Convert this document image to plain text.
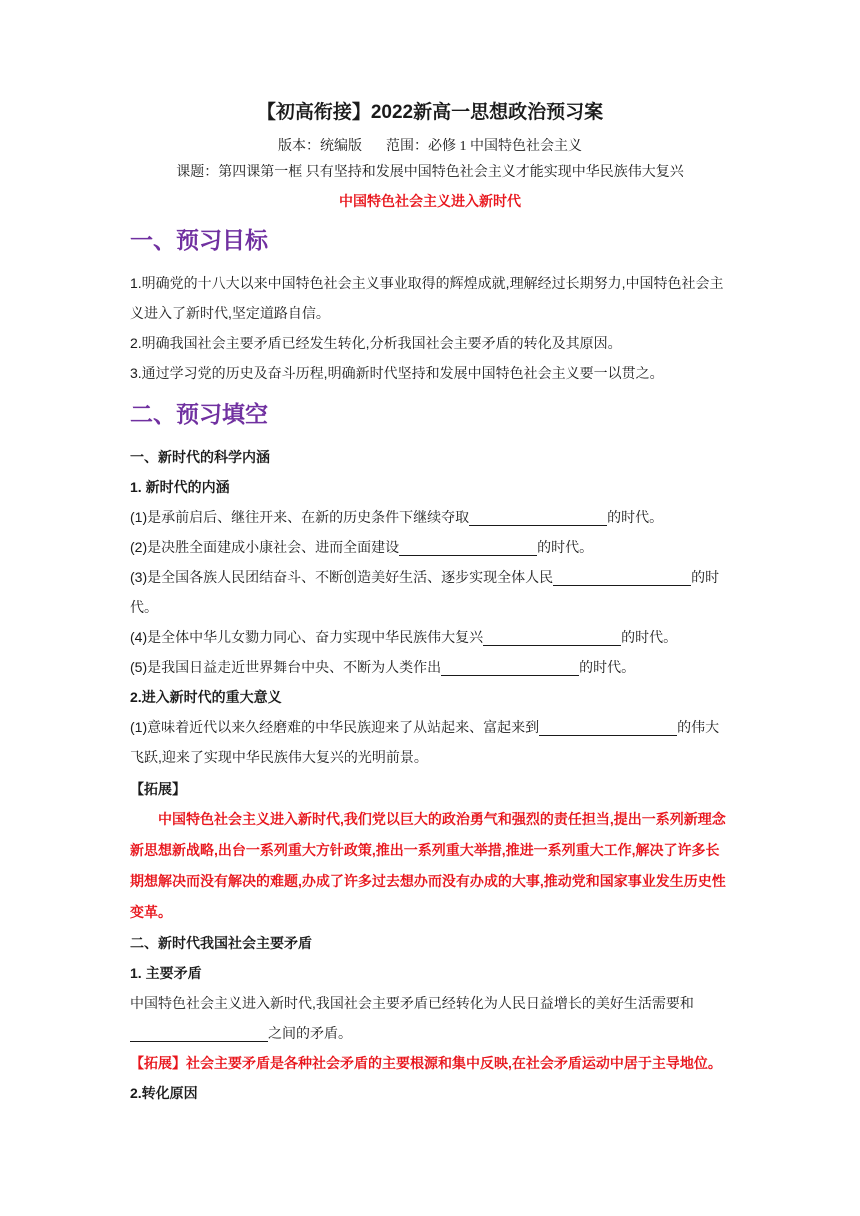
【初高衔接】2022新高一思想政治预习案
版本：统编版 范围：必修 1 中国特色社会主义
课题：第四课第一框 只有坚持和发展中国特色社会主义才能实现中华民族伟大复兴
中国特色社会主义进入新时代
一、预习目标

1.明确党的十八大以来中国特色社会主义事业取得的辉煌成就,理解经过长期努力,中国特色社会主义进入了新时代,坚定道路自信。

2.明确我国社会主要矛盾已经发生转化,分析我国社会主要矛盾的转化及其原因。

3.通过学习党的历史及奋斗历程,明确新时代坚持和发展中国特色社会主义要一以贯之。

二、预习填空

一、新时代的科学内涵

1. 新时代的内涵

(1)是承前启后、继往开来、在新的历史条件下继续夺取	的时代。

(2)是决胜全面建成小康社会、进而全面建设	的时代。

(3)是全国各族人民团结奋斗、不断创造美好生活、逐步实现全体人民	的时代。

(4)是全体中华儿女勠力同心、奋力实现中华民族伟大复兴	的时代。

(5)是我国日益走近世界舞台中央、不断为人类作出	的时代。

2.进入新时代的重大意义

(1)意味着近代以来久经磨难的中华民族迎来了从站起来、富起来到	的伟大飞跃,迎来了实现中华民族伟大复兴的光明前景。

【拓展】

中国特色社会主义进入新时代,我们党以巨大的政治勇气和强烈的责任担当,提出一系列新理念新思想新战略,出台一系列重大方针政策,推出一系列重大举措,推进一系列重大工作,解决了许多长期想解决而没有解决的难题,办成了许多过去想办而没有办成的大事,推动党和国家事业发生历史性变革。

二、新时代我国社会主要矛盾

1. 主要矛盾

中国特色社会主义进入新时代,我国社会主要矛盾已经转化为人民日益增长的美好生活需要和之间的矛盾。

【拓展】社会主要矛盾是各种社会矛盾的主要根源和集中反映,在社会矛盾运动中居于主导地位。

2.转化原因
